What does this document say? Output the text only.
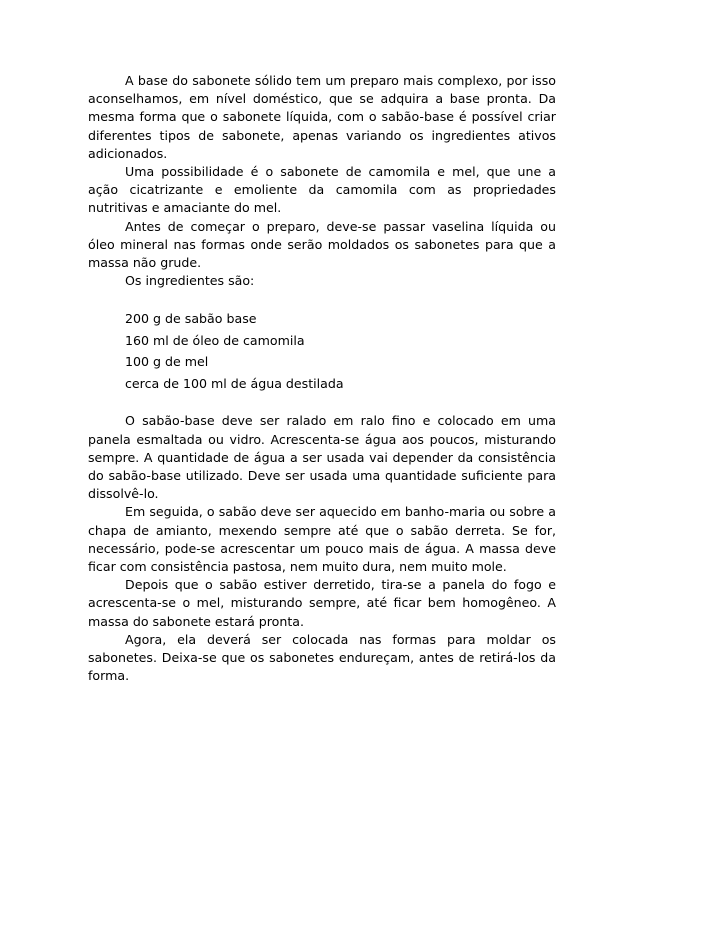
A base do sabonete sólido tem um preparo mais complexo, por isso aconselhamos, em nível doméstico, que se adquira a base pronta. Da mesma forma que o sabonete líquida, com o sabão-base é possível criar diferentes tipos de sabonete, apenas variando os ingredientes ativos adicionados.

Uma possibilidade é o sabonete de camomila e mel, que une a ação cicatrizante e emoliente da camomila com as propriedades nutritivas e amaciante do mel.

Antes de começar o preparo, deve-se passar vaselina líquida ou óleo mineral nas formas onde serão moldados os sabonetes para que a massa não grude.

Os ingredientes são:

200 g de sabão base
160 ml de óleo de camomila
100 g de mel
cerca de 100 ml de água destilada

O sabão-base deve ser ralado em ralo fino e colocado em uma panela esmaltada ou vidro. Acrescenta-se água aos poucos, misturando sempre. A quantidade de água a ser usada vai depender da consistência do sabão-base utilizado. Deve ser usada uma quantidade suficiente para dissolvê-lo.

Em seguida, o sabão deve ser aquecido em banho-maria ou sobre a chapa de amianto, mexendo sempre até que o sabão derreta. Se for, necessário, pode-se acrescentar um pouco mais de água. A massa deve ficar com consistência pastosa, nem muito dura, nem muito mole.

Depois que o sabão estiver derretido, tira-se a panela do fogo e acrescenta-se o mel, misturando sempre, até ficar bem homogêneo. A massa do sabonete estará pronta.

Agora, ela deverá ser colocada nas formas para moldar os sabonetes. Deixa-se que os sabonetes endureçam, antes de retirá-los da forma.
